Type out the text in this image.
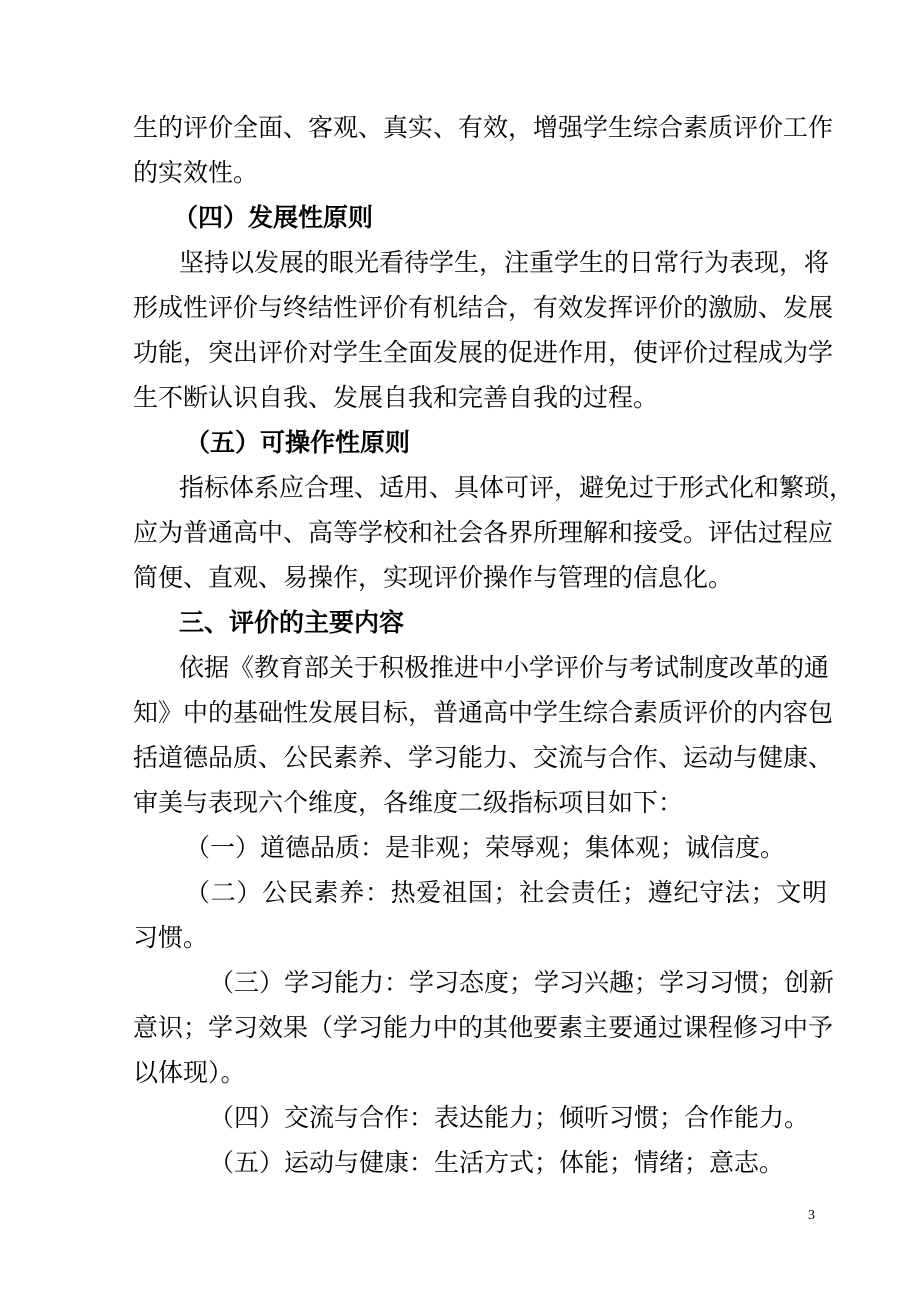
生的评价全面、客观、真实、有效，增强学生综合素质评价工作
的实效性。
（四）发展性原则
坚持以发展的眼光看待学生，注重学生的日常行为表现，将
形成性评价与终结性评价有机结合，有效发挥评价的激励、发展
功能，突出评价对学生全面发展的促进作用，使评价过程成为学
生不断认识自我、发展自我和完善自我的过程。
（五）可操作性原则
指标体系应合理、适用、具体可评，避免过于形式化和繁琐，
应为普通高中、高等学校和社会各界所理解和接受。评估过程应
简便、直观、易操作，实现评价操作与管理的信息化。
三、评价的主要内容
依据《教育部关于积极推进中小学评价与考试制度改革的通
知》中的基础性发展目标，普通高中学生综合素质评价的内容包
括道德品质、公民素养、学习能力、交流与合作、运动与健康、
审美与表现六个维度，各维度二级指标项目如下：
（一）道德品质：是非观；荣辱观；集体观；诚信度。
（二）公民素养：热爱祖国；社会责任；遵纪守法；文明
习惯。
（三）学习能力：学习态度；学习兴趣；学习习惯；创新
意识；学习效果（学习能力中的其他要素主要通过课程修习中予
以体现）。
（四）交流与合作：表达能力；倾听习惯；合作能力。
（五）运动与健康：生活方式；体能；情绪；意志。
3
